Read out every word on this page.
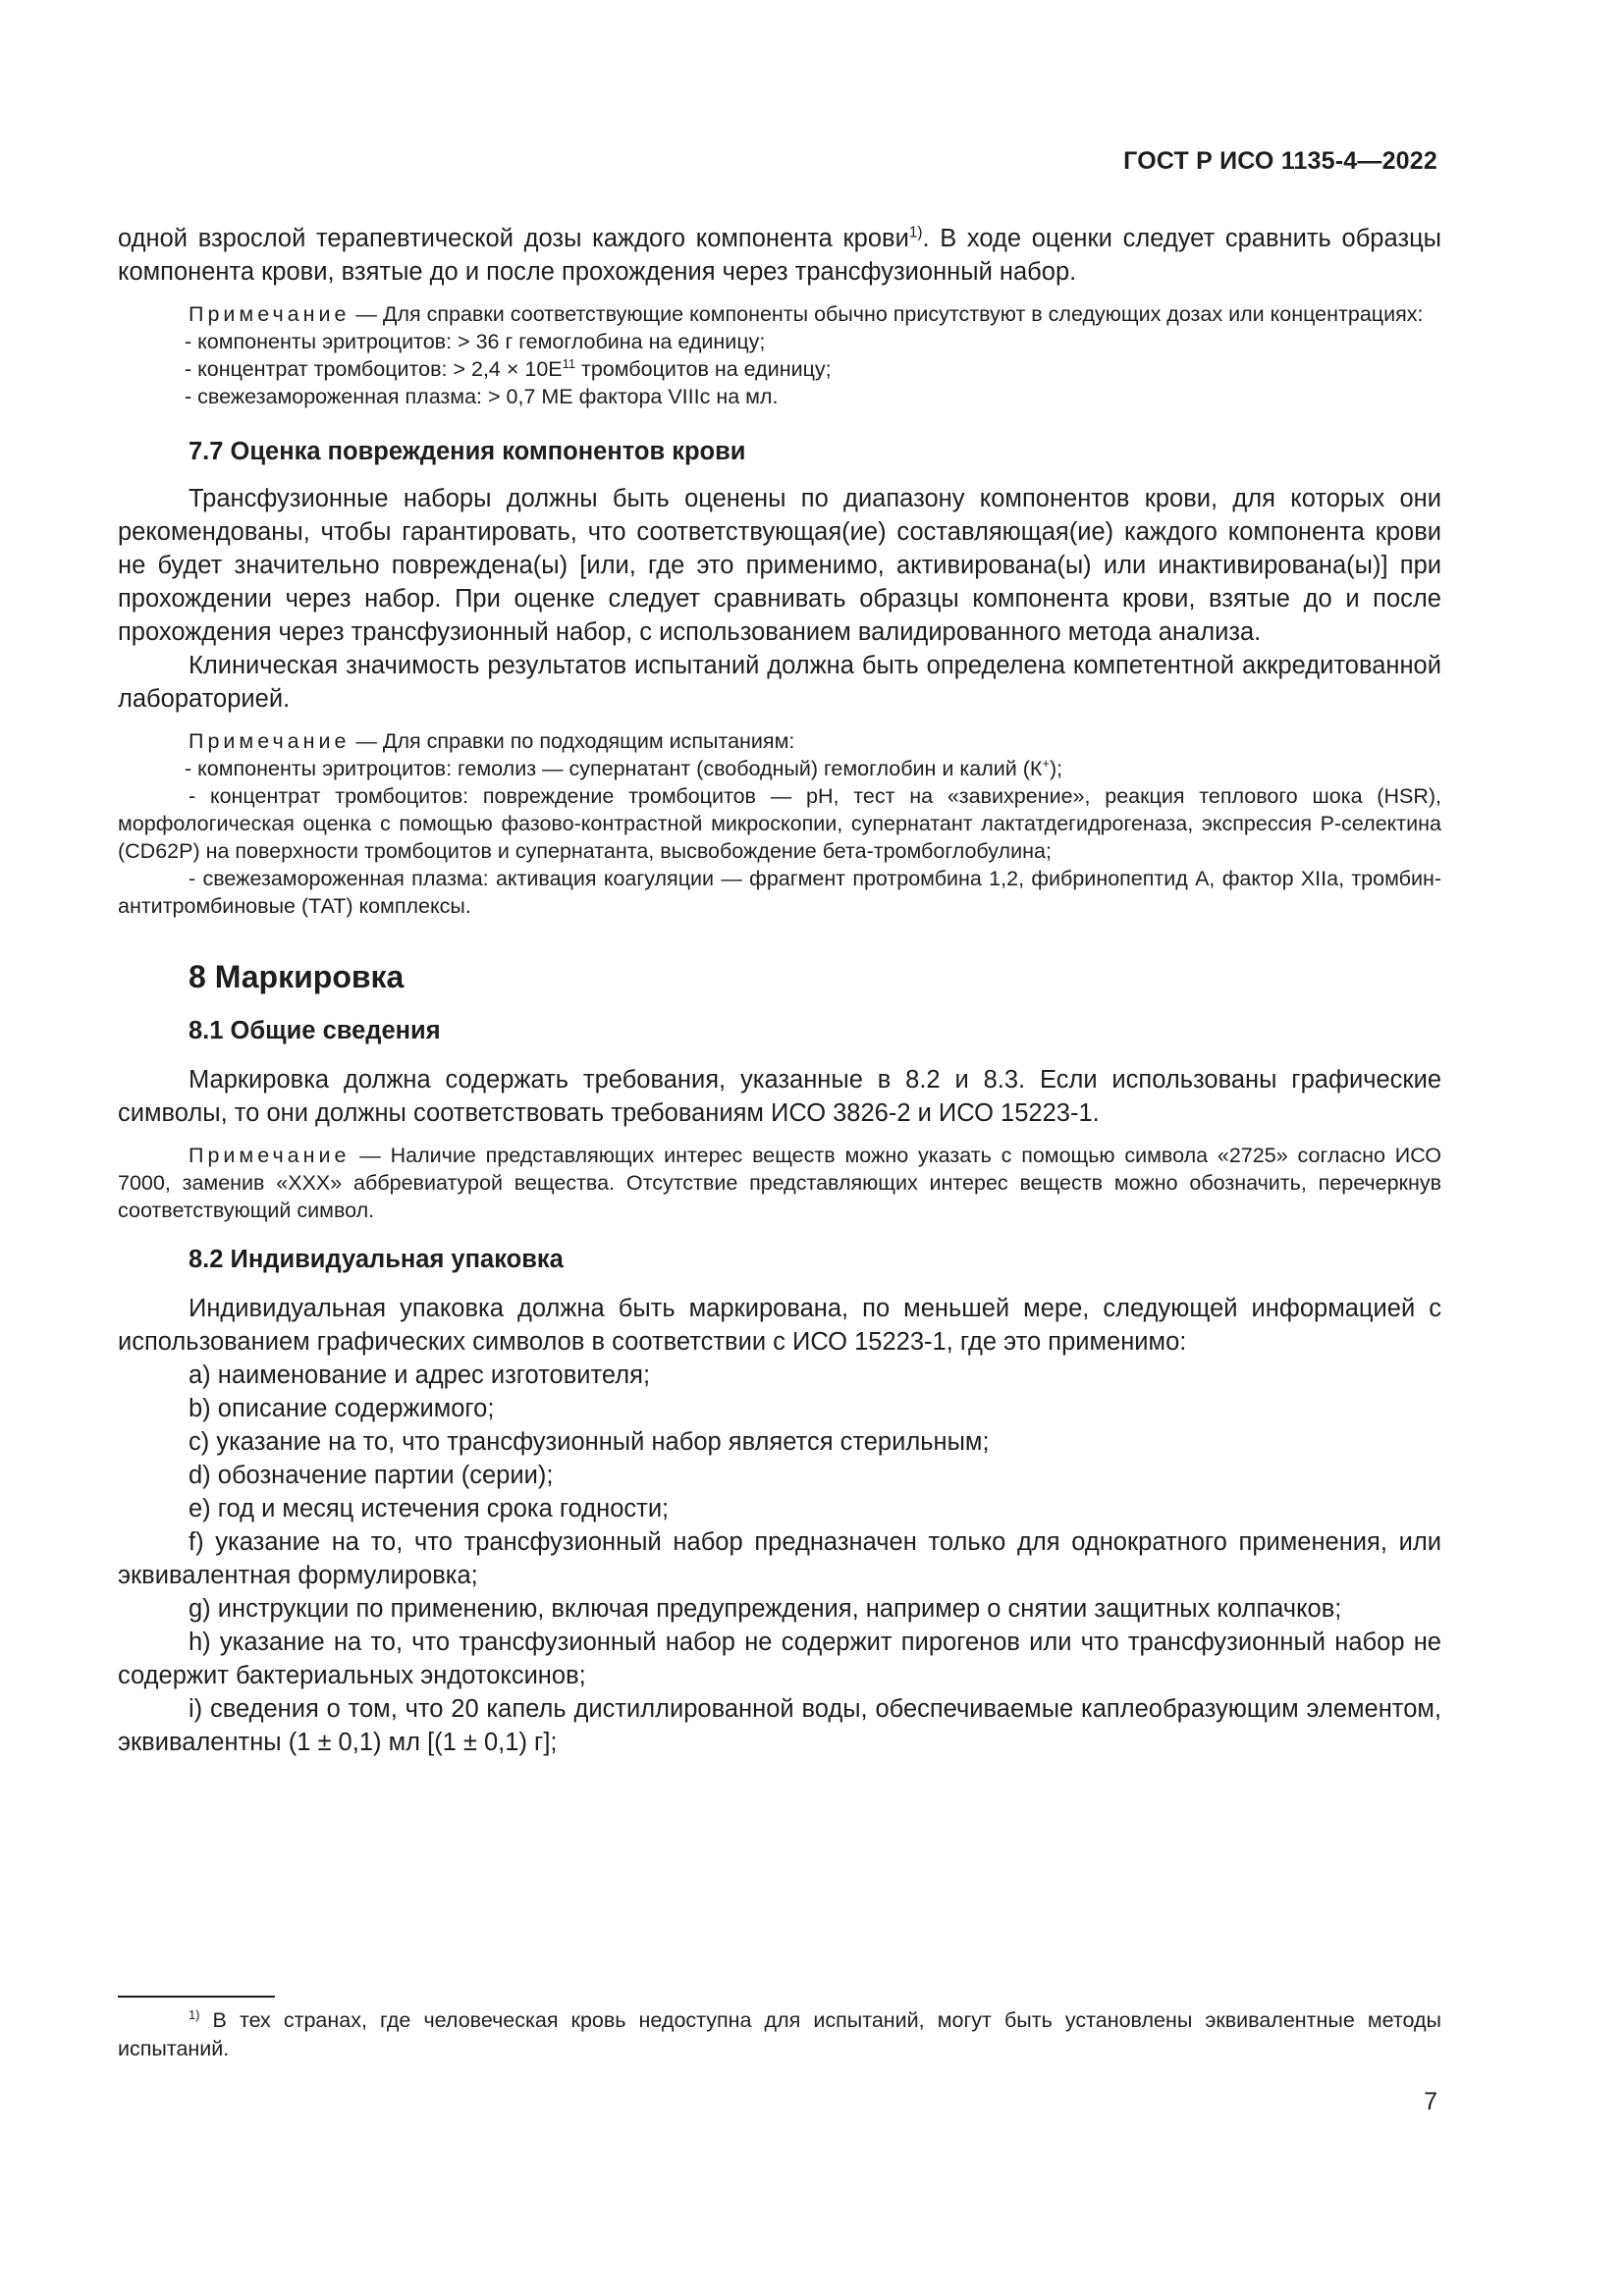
ГОСТ Р ИСО 1135-4—2022

одной взрослой терапевтической дозы каждого компонента крови$^{1)}$. В ходе оценки следует сравнить образцы компонента крови, взятые до и после прохождения через трансфузионный набор.

Примечание — Для справки соответствующие компоненты обычно присутствуют в следующих дозах или концентрациях:

- компоненты эритроцитов: > 36 г гемоглобина на единицу;

- концентрат тромбоцитов: > $2,4 \times 10Е^{11}$ тромбоцитов на единицу;

- свежезамороженная плазма: > 0,7 МЕ фактора VIIIc на мл.

7.7 Оценка повреждения компонентов крови

Трансфузионные наборы должны быть оценены по диапазону компонентов крови, для которых они рекомендованы, чтобы гарантировать, что соответствующая(ие) составляющая(ие) каждого компонента крови не будет значительно повреждена(ы) [или, где это применимо, активирована(ы) или инактивирована(ы)] при прохождении через набор. При оценке следует сравнивать образцы компонента крови, взятые до и после прохождения через трансфузионный набор, с использованием валидированного метода анализа.

Клиническая значимость результатов испытаний должна быть определена компетентной аккредитованной лабораторией.

Примечание — Для справки по подходящим испытаниям:

- компоненты эритроцитов: гемолиз — супернатант (свободный) гемоглобин и калий (К+);

- концентрат тромбоцитов: повреждение тромбоцитов — pH, тест на «завихрение», реакция теплового шока (HSR), морфологическая оценка с помощью фазово-контрастной микроскопии, супернатант лактатдегидрогеназа, экспрессия Р-селектина (CD62P) на поверхности тромбоцитов и супернатанта, высвобождение бета-тромбоглобулина;

- свежезамороженная плазма: активация коагуляции — фрагмент протромбина 1,2, фибринопептид А, фактор XIIa, тромбин-антитромбиновые (ТАТ) комплексы.

8 Маркировка

8.1 Общие сведения

Маркировка должна содержать требования, указанные в 8.2 и 8.3. Если использованы графические символы, то они должны соответствовать требованиям ИСО 3826-2 и ИСО 15223-1.

Примечание — Наличие представляющих интерес веществ можно указать с помощью символа «2725» согласно ИСО 7000, заменив «XXX» аббревиатурой вещества. Отсутствие представляющих интерес веществ можно обозначить, перечеркнув соответствующий символ.

8.2 Индивидуальная упаковка

Индивидуальная упаковка должна быть маркирована, по меньшей мере, следующей информацией с использованием графических символов в соответствии с ИСО 15223-1, где это применимо:

a) наименование и адрес изготовителя;

b) описание содержимого;

c) указание на то, что трансфузионный набор является стерильным;

d) обозначение партии (серии);

e) год и месяц истечения срока годности;

f) указание на то, что трансфузионный набор предназначен только для однократного применения, или эквивалентная формулировка;

g) инструкции по применению, включая предупреждения, например о снятии защитных колпачков;

h) указание на то, что трансфузионный набор не содержит пирогенов или что трансфузионный набор не содержит бактериальных эндотоксинов;

i) сведения о том, что 20 капель дистиллированной воды, обеспечиваемые каплеобразующим элементом, эквивалентны (1 ± 0,1) мл [(1 ± 0,1) г];

$^{1)}$ В тех странах, где человеческая кровь недоступна для испытаний, могут быть установлены эквивалентные методы испытаний.

7
